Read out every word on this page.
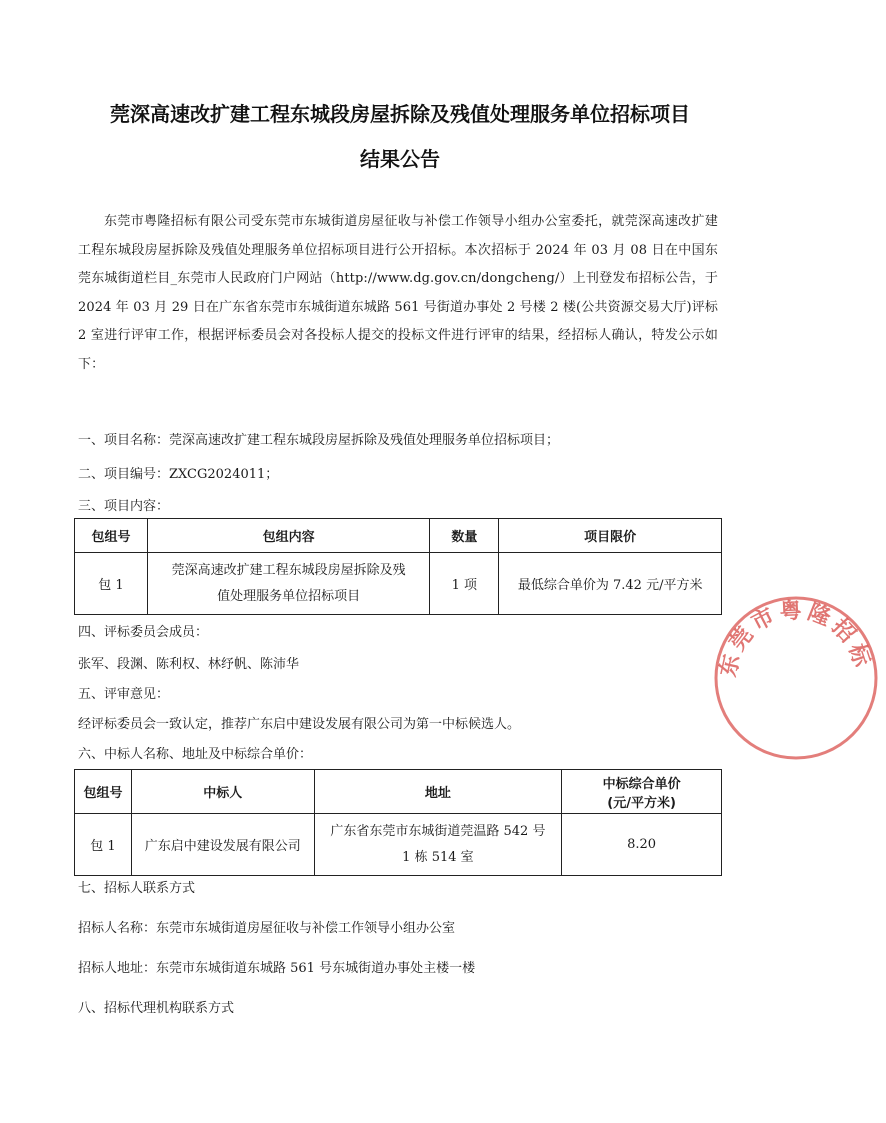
莞深高速改扩建工程东城段房屋拆除及残值处理服务单位招标项目
结果公告
东莞市粤隆招标有限公司受东莞市东城街道房屋征收与补偿工作领导小组办公室委托，就莞深高速改扩建工程东城段房屋拆除及残值处理服务单位招标项目进行公开招标。本次招标于 2024 年 03 月 08 日在中国东莞东城街道栏目_东莞市人民政府门户网站（http://www.dg.gov.cn/dongcheng/）上刊登发布招标公告，于 2024 年 03 月 29 日在广东省东莞市东城街道东城路 561 号街道办事处 2 号楼 2 楼(公共资源交易大厅)评标 2 室进行评审工作，根据评标委员会对各投标人提交的投标文件进行评审的结果，经招标人确认，特发公示如下：
一、项目名称：莞深高速改扩建工程东城段房屋拆除及残值处理服务单位招标项目；
二、项目编号：ZXCG2024011；
三、项目内容：
包组号	包组内容	数量	项目限价
包 1	莞深高速改扩建工程东城段房屋拆除及残
值处理服务单位招标项目	1 项	最低综合单价为 7.42 元/平方米
四、评标委员会成员：
张军、段渊、陈利权、林纾帆、陈沛华
五、评审意见：
经评标委员会一致认定，推荐广东启中建设发展有限公司为第一中标候选人。
六、中标人名称、地址及中标综合单价：
包组号	中标人	地址	中标综合单价
(元/平方米)

包 1	广东启中建设发展有限公司	广东省东莞市东城街道莞温路 542 号
1 栋 514 室	8.20
七、招标人联系方式
招标人名称：东莞市东城街道房屋征收与补偿工作领导小组办公室
招标人地址：东莞市东城街道东城路 561 号东城街道办事处主楼一楼
八、招标代理机构联系方式
东莞市粤隆招标
